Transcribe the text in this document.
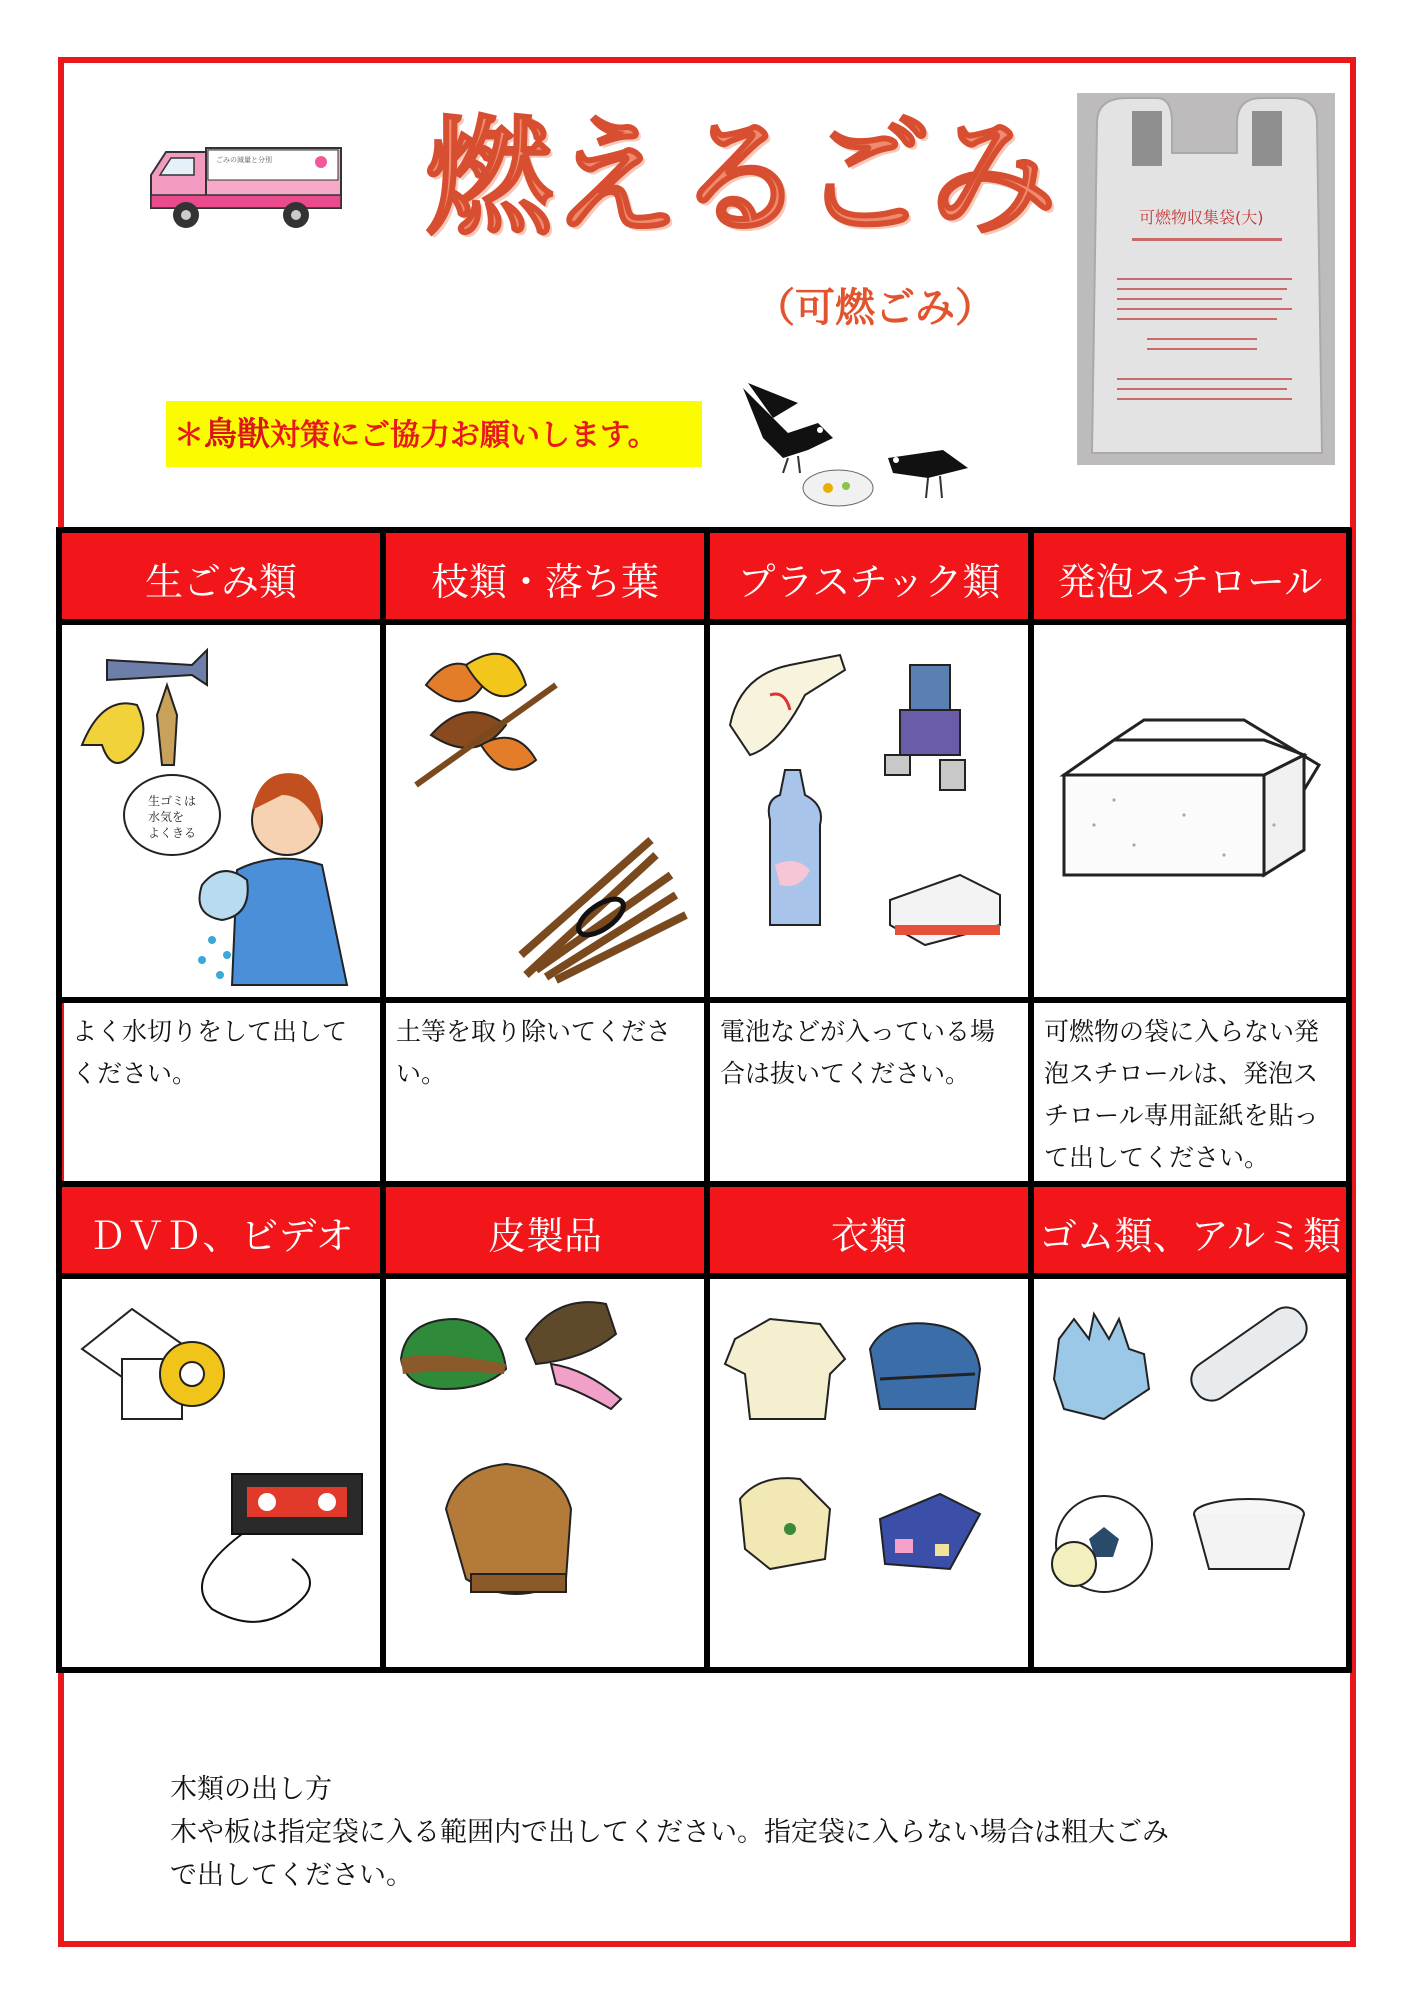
ごみの減量と分別 燃えるごみ
（可燃ごみ）
＊鳥獣対策にご協力お願いします。
可燃物収集袋(大)
生ごみ類	枝類・落ち葉	プラスチック類	発泡スチロール
生ゴミは
水気を
よくきる
よく水切りをして出してください。
土等を取り除いてください。
電池などが入っている場合は抜いてください。
可燃物の袋に入らない発泡スチロールは、発泡スチロール専用証紙を貼って出してください。
ＤＶＤ、ビデオ	皮製品	衣類	ゴム類、アルミ類
木類の出し方
木や板は指定袋に入る範囲内で出してください。指定袋に入らない場合は粗大ごみ
で出してください。
